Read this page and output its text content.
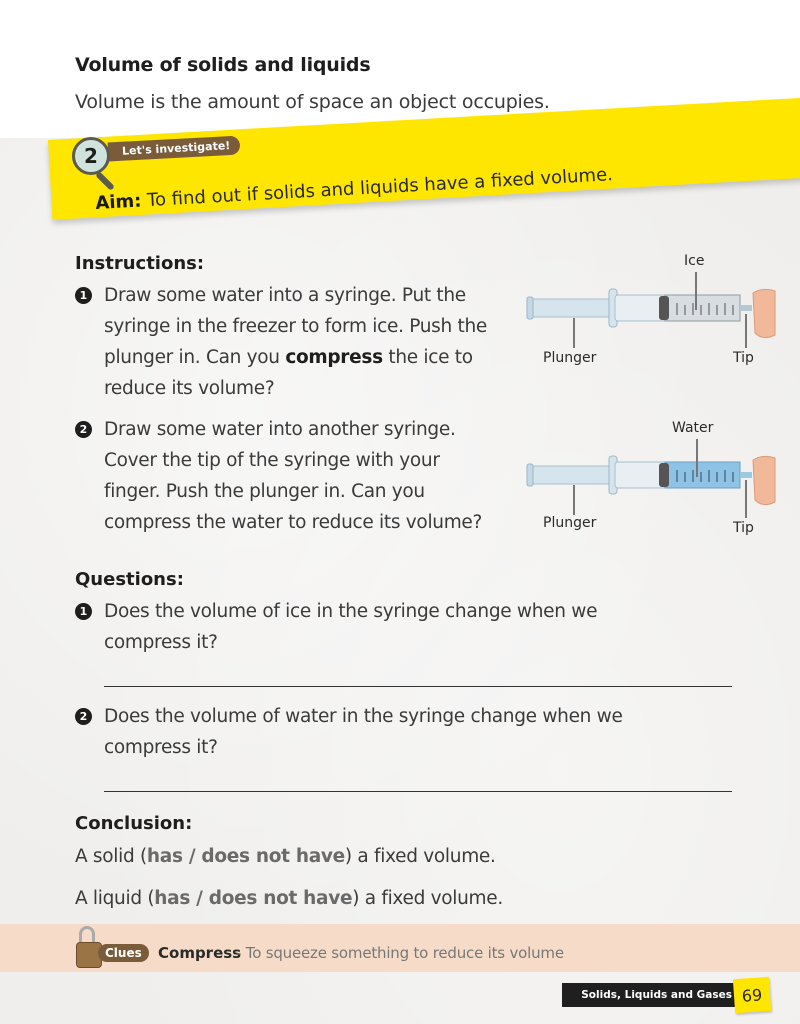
Volume of solids and liquids
Volume is the amount of space an object occupies.
2	Let's investigate!
Aim: To find out if solids and liquids have a fixed volume.
Instructions:
1 Draw some water into a syringe. Put the
syringe in the freezer to form ice. Push the
plunger in. Can you compress the ice to
reduce its volume?
2 Draw some water into another syringe.
Cover the tip of the syringe with your
finger. Push the plunger in. Can you
compress the water to reduce its volume?
Ice
Plunger	Tip
Water
Plunger	Tip
Questions:
1 Does the volume of ice in the syringe change when we
compress it?
2 Does the volume of water in the syringe change when we
compress it?
Conclusion:
A solid (has / does not have) a fixed volume.
A liquid (has / does not have) a fixed volume.
Clues	Compress
- To squeeze something to reduce its volume
Solids, Liquids and Gases 69
